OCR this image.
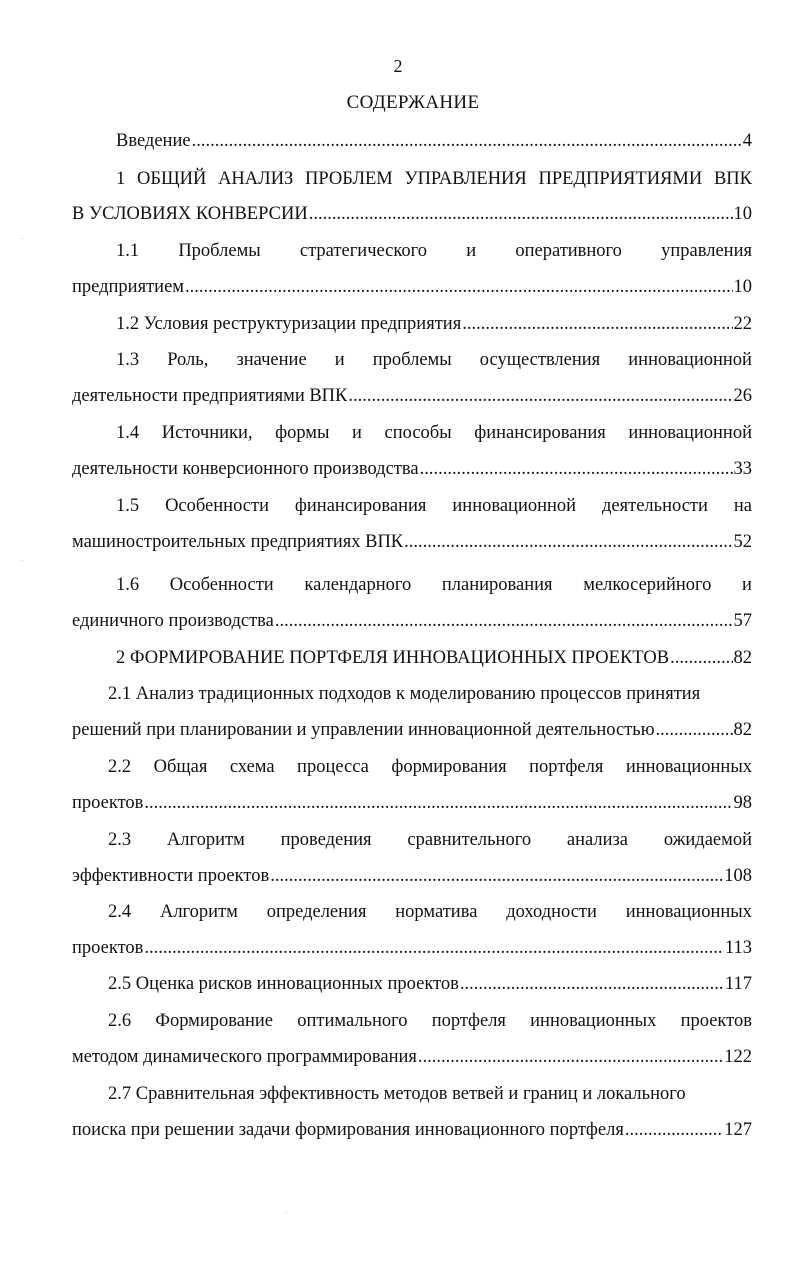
2
СОДЕРЖАНИЕ
Введение .....	4
1 ОБЩИЙ АНАЛИЗ ПРОБЛЕМ УПРАВЛЕНИЯ ПРЕДПРИЯТИЯМИ ВПК
В УСЛОВИЯХ КОНВЕРСИИ .....	10
1.1 Проблемы стратегического и оперативного управления
предприятием .....	10
1.2 Условия реструктуризации предприятия .....	22
1.3 Роль, значение и проблемы осуществления инновационной
деятельности предприятиями ВПК .....	26
1.4 Источники, формы и способы финансирования инновационной
деятельности конверсионного производства .....	33
1.5 Особенности финансирования инновационной деятельности на
машиностроительных предприятиях ВПК .....	52
1.6 Особенности календарного планирования мелкосерийного и
единичного производства .....	57
2 ФОРМИРОВАНИЕ ПОРТФЕЛЯ ИННОВАЦИОННЫХ ПРОЕКТОВ .....	82
2.1 Анализ традиционных подходов к моделированию процессов принятия
решений при планировании и управлении инновационной деятельностью .....	82
2.2 Общая схема процесса формирования портфеля инновационных
проектов .....	98
2.3 Алгоритм проведения сравнительного анализа ожидаемой
эффективности проектов .....	108
2.4 Алгоритм определения норматива доходности инновационных
проектов .....	113
2.5 Оценка рисков инновационных проектов .....	117
2.6 Формирование оптимального портфеля инновационных проектов
методом динамического программирования .....	122
2.7 Сравнительная эффективность методов ветвей и границ и локального
поиска при решении задачи формирования инновационного портфеля .....	127
